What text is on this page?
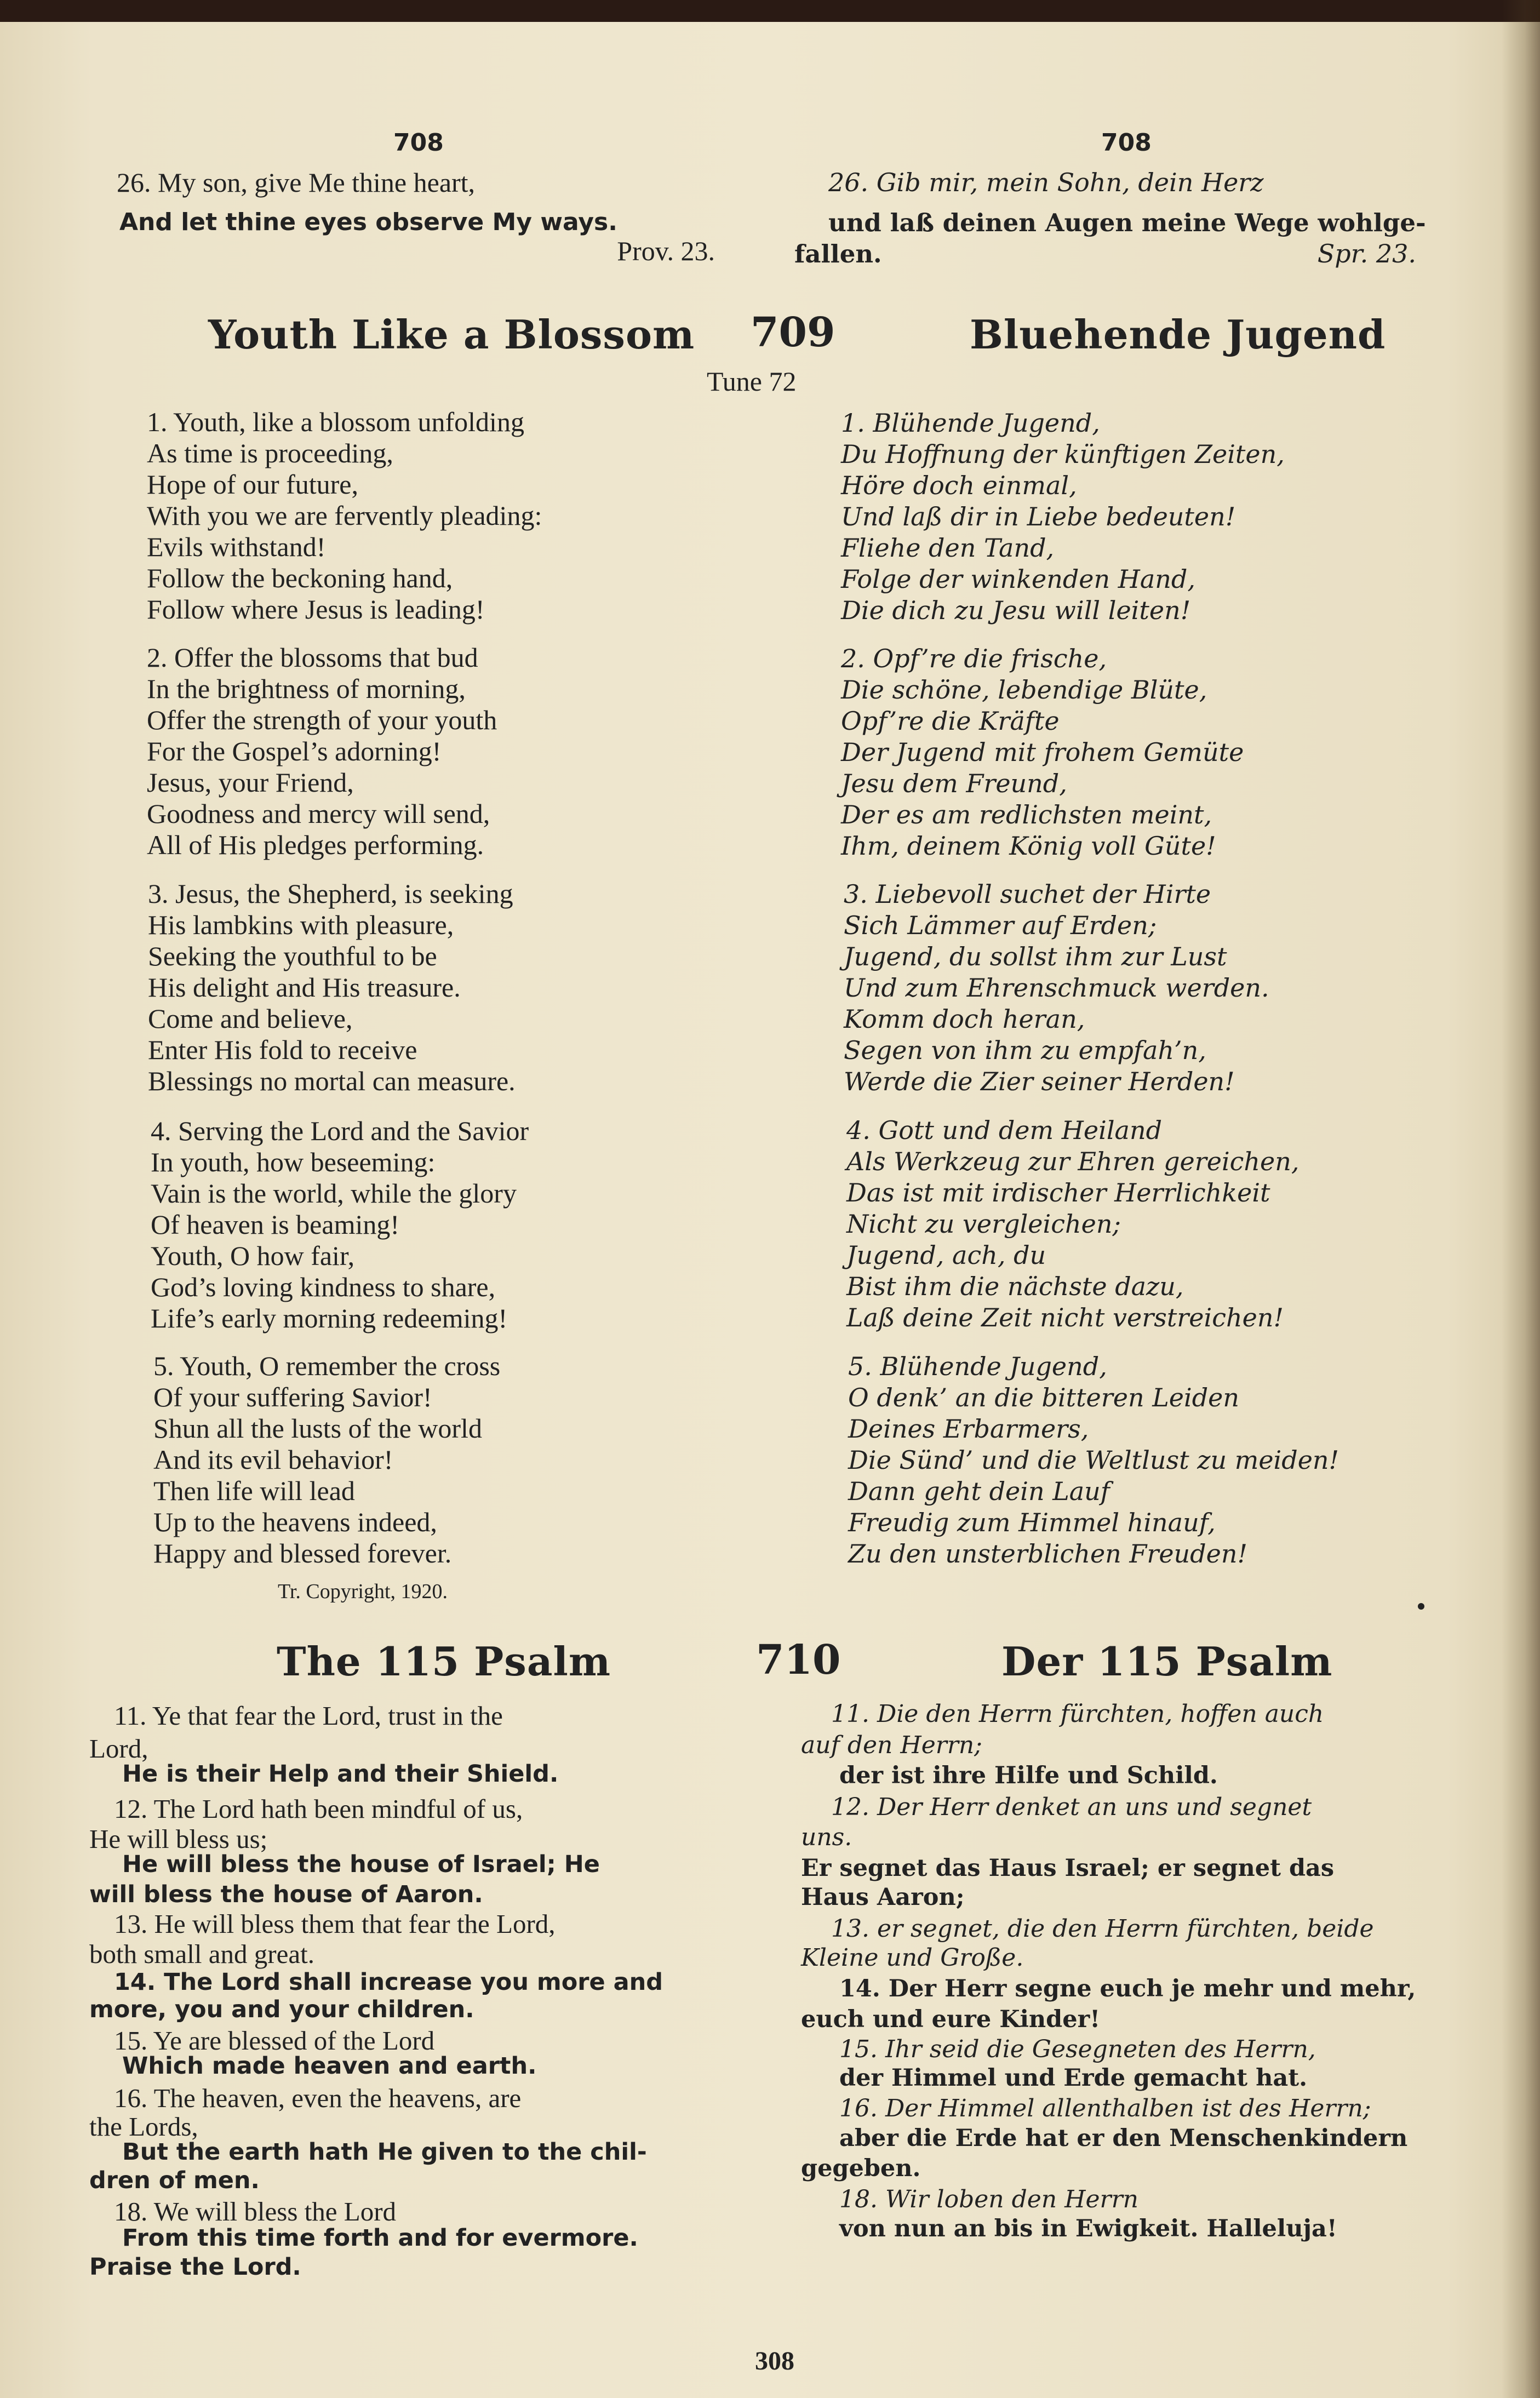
708	708
26. My son, give Me thine heart,
And let thine eyes observe My ways.
Prov. 23.
26. Gib mir, mein Sohn, dein Herz
und laß deinen Augen meine Wege wohlge-
fallen.	Spr. 23.
Youth Like a Blossom 709	Bluehende Jugend
Tune 72
1. Youth, like a blossom unfolding
As time is proceeding,
Hope of our future,
With you we are fervently pleading:
Evils withstand!
Follow the beckoning hand,
Follow where Jesus is leading!
2. Offer the blossoms that bud
In the brightness of morning,
Offer the strength of your youth
For the Gospel’s adorning!
Jesus, your Friend,
Goodness and mercy will send,
All of His pledges performing.
3. Jesus, the Shepherd, is seeking
His lambkins with pleasure,
Seeking the youthful to be
His delight and His treasure.
Come and believe,
Enter His fold to receive
Blessings no mortal can measure.
4. Serving the Lord and the Savior
In youth, how beseeming:
Vain is the world, while the glory
Of heaven is beaming!
Youth, O how fair,
God’s loving kindness to share,
Life’s early morning redeeming!
5. Youth, O remember the cross
Of your suffering Savior!
Shun all the lusts of the world
And its evil behavior!
Then life will lead
Up to the heavens indeed,
Happy and blessed forever.
Tr. Copyright, 1920.
1. Blühende Jugend,
Du Hoffnung der künftigen Zeiten,
Höre doch einmal,
Und laß dir in Liebe bedeuten!
Fliehe den Tand,
Folge der winkenden Hand,
Die dich zu Jesu will leiten!
2. Opf’re die frische,
Die schöne, lebendige Blüte,
Opf’re die Kräfte
Der Jugend mit frohem Gemüte
Jesu dem Freund,
Der es am redlichsten meint,
Ihm, deinem König voll Güte!
3. Liebevoll suchet der Hirte
Sich Lämmer auf Erden;
Jugend, du sollst ihm zur Lust
Und zum Ehrenschmuck werden.
Komm doch heran,
Segen von ihm zu empfah’n,
Werde die Zier seiner Herden!
4. Gott und dem Heiland
Als Werkzeug zur Ehren gereichen,
Das ist mit irdischer Herrlichkeit
Nicht zu vergleichen;
Jugend, ach, du
Bist ihm die nächste dazu,
Laß deine Zeit nicht verstreichen!
5. Blühende Jugend,
O denk’ an die bitteren Leiden
Deines Erbarmers,
Die Sünd’ und die Weltlust zu meiden!
Dann geht dein Lauf
Freudig zum Himmel hinauf,
Zu den unsterblichen Freuden!
The 115 Psalm	710	Der 115 Psalm
11. Ye that fear the Lord, trust in the
Lord,
He is their Help and their Shield.
12. The Lord hath been mindful of us,
He will bless us;
He will bless the house of Israel; He
will bless the house of Aaron.
13. He will bless them that fear the Lord,
both small and great.
14. The Lord shall increase you more and
more, you and your children.
15. Ye are blessed of the Lord
Which made heaven and earth.
16. The heaven, even the heavens, are
the Lords,
But the earth hath He given to the chil-
dren of men.
18. We will bless the Lord
From this time forth and for evermore.
Praise the Lord.
11. Die den Herrn fürchten, hoffen auch
auf den Herrn;
der ist ihre Hilfe und Schild.
12. Der Herr denket an uns und segnet
uns.
Er segnet das Haus Israel; er segnet das
Haus Aaron;
13. er segnet, die den Herrn fürchten, beide
Kleine und Große.
14. Der Herr segne euch je mehr und mehr,
euch und eure Kinder!
15. Ihr seid die Gesegneten des Herrn,
der Himmel und Erde gemacht hat.
16. Der Himmel allenthalben ist des Herrn;
aber die Erde hat er den Menschenkindern
gegeben.
18. Wir loben den Herrn
von nun an bis in Ewigkeit. Halleluja!
308
